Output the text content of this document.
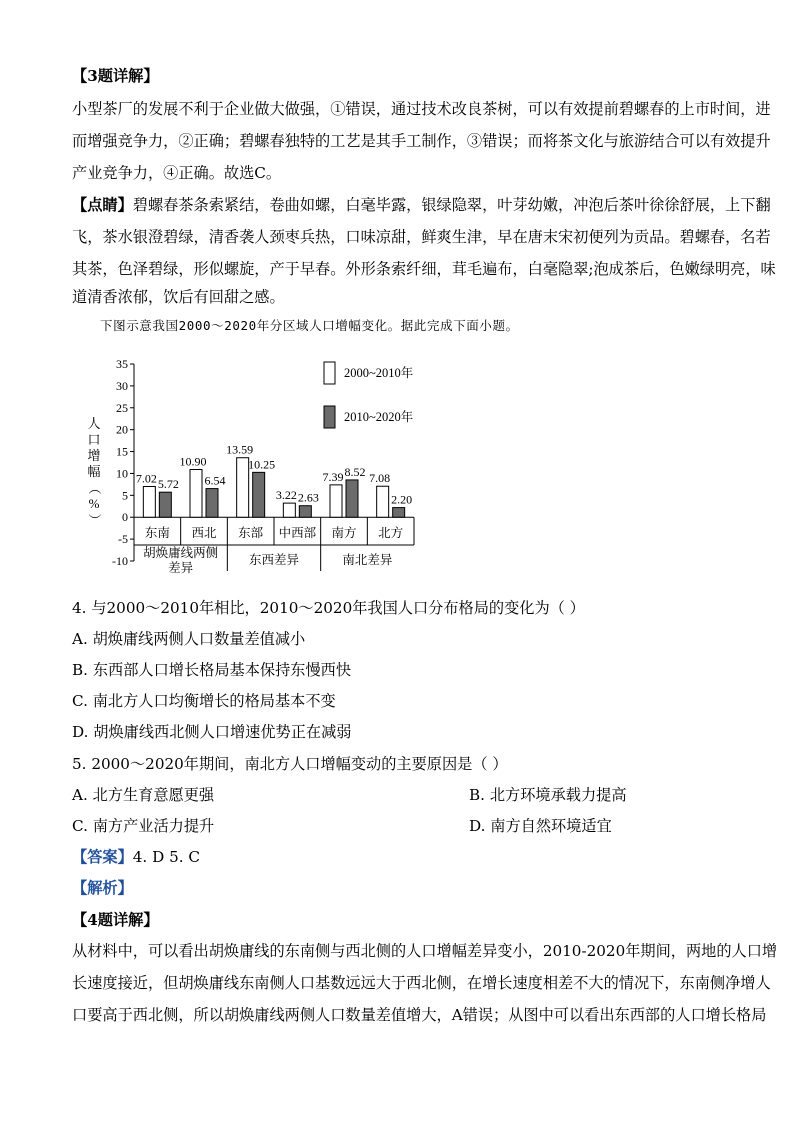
【3题详解】
小型茶厂的发展不利于企业做大做强，①错误，通过技术改良茶树，可以有效提前碧螺春的上市时间，进
而增强竞争力，②正确；碧螺春独特的工艺是其手工制作，③错误；而将茶文化与旅游结合可以有效提升
产业竞争力，④正确。故选C。
【点睛】碧螺春茶条索紧结，卷曲如螺，白毫毕露，银绿隐翠，叶芽幼嫩，冲泡后茶叶徐徐舒展，上下翻
飞，茶水银澄碧绿，清香袭人颈枣兵热，口味凉甜，鲜爽生津，早在唐末宋初便列为贡品。碧螺春，名若
其茶，色泽碧绿，形似螺旋，产于早春。外形条索纤细，茸毛遍布，白毫隐翠;泡成茶后，色嫩绿明亮，味
道清香浓郁，饮后有回甜之感。
下图示意我国2000～2020年分区域人口增幅变化。据此完成下面小题。
35
30
25
20
15
10
5
0
-5
-10
人
口
增
幅
（
%
）
7.02 5.72
东南
10.90
6.54
西北
13.59
10.25
东部
3.22 2.63
中西部
7.39 8.52
南方
7.08
2.20
北方
胡焕庸线两侧
差异
东西差异	南北差异
2000~2010年
2010~2020年
4. 与2000～2010年相比，2010～2020年我国人口分布格局的变化为（ ）
A. 胡焕庸线两侧人口数量差值减小
B. 东西部人口增长格局基本保持东慢西快
C. 南北方人口均衡增长的格局基本不变
D. 胡焕庸线西北侧人口增速优势正在减弱
5. 2000～2020年期间，南北方人口增幅变动的主要原因是（ ）
A. 北方生育意愿更强	B. 北方环境承载力提高
C. 南方产业活力提升	D. 南方自然环境适宜
【答案】4. D 5. C
【解析】
【4题详解】
从材料中，可以看出胡焕庸线的东南侧与西北侧的人口增幅差异变小，2010-2020年期间，两地的人口增
长速度接近，但胡焕庸线东南侧人口基数远远大于西北侧，在增长速度相差不大的情况下，东南侧净增人
口要高于西北侧，所以胡焕庸线两侧人口数量差值增大，A错误；从图中可以看出东西部的人口增长格局
